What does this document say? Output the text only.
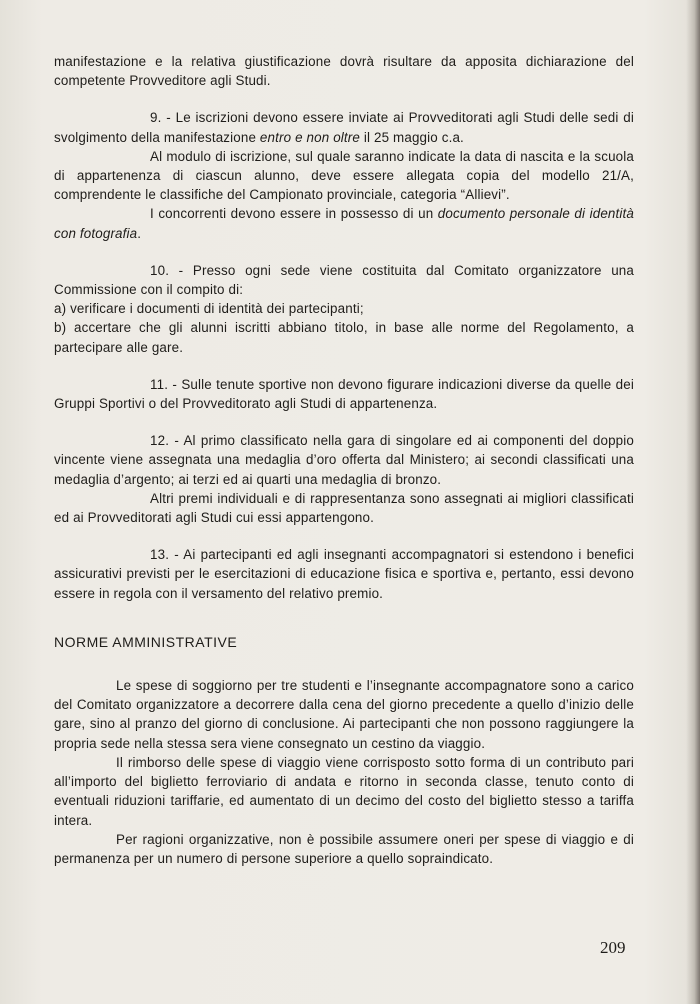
manifestazione e la relativa giustificazione dovrà risultare da apposita dichiarazione del competente Provveditore agli Studi.

9. - Le iscrizioni devono essere inviate ai Provveditorati agli Studi delle sedi di svolgimento della manifestazione entro e non oltre il 25 maggio c.a.

Al modulo di iscrizione, sul quale saranno indicate la data di nascita e la scuola di appartenenza di ciascun alunno, deve essere allegata copia del modello 21/A, comprendente le classifiche del Campionato provinciale, categoria “Allievi”.

I concorrenti devono essere in possesso di un documento personale di identità con fotografia.

10. - Presso ogni sede viene costituita dal Comitato organizzatore una Commissione con il compito di:

a) verificare i documenti di identità dei partecipanti;

b) accertare che gli alunni iscritti abbiano titolo, in base alle norme del Regolamento, a partecipare alle gare.

11. - Sulle tenute sportive non devono figurare indicazioni diverse da quelle dei Gruppi Sportivi o del Provveditorato agli Studi di appartenenza.

12. - Al primo classificato nella gara di singolare ed ai componenti del doppio vincente viene assegnata una medaglia d’oro offerta dal Ministero; ai secondi classificati una medaglia d’argento; ai terzi ed ai quarti una medaglia di bronzo.

Altri premi individuali e di rappresentanza sono assegnati ai migliori classificati ed ai Provveditorati agli Studi cui essi appartengono.

13. - Ai partecipanti ed agli insegnanti accompagnatori si estendono i benefici assicurativi previsti per le esercitazioni di educazione fisica e sportiva e, pertanto, essi devono essere in regola con il versamento del relativo premio.

NORME AMMINISTRATIVE

Le spese di soggiorno per tre studenti e l’insegnante accompagnatore sono a carico del Comitato organizzatore a decorrere dalla cena del giorno precedente a quello d’inizio delle gare, sino al pranzo del giorno di conclusione. Ai partecipanti che non possono raggiungere la propria sede nella stessa sera viene consegnato un cestino da viaggio.

Il rimborso delle spese di viaggio viene corrisposto sotto forma di un contributo pari all’importo del biglietto ferroviario di andata e ritorno in seconda classe, tenuto conto di eventuali riduzioni tariffarie, ed aumentato di un decimo del costo del biglietto stesso a tariffa intera.

Per ragioni organizzative, non è possibile assumere oneri per spese di viaggio e di permanenza per un numero di persone superiore a quello sopraindicato.

209
